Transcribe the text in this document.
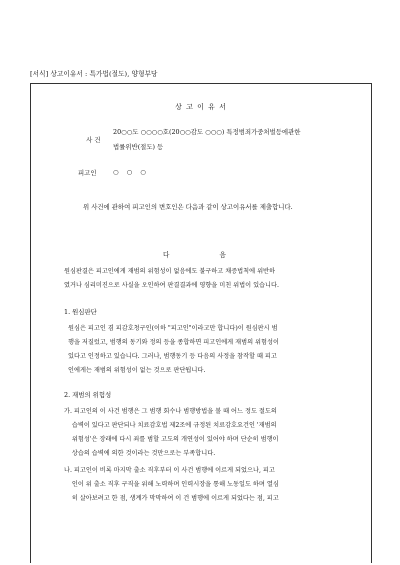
[서식] 상고이유서 : 특가법(절도), 양형부당
상 고 이 유 서

사 건

20○○도 ○○○○호(20○○감도 ○○○) 특정범죄가중처벌등에관한
법률위반(절도) 등
피고인	○ ○ ○
위 사건에 관하여 피고인의 변호인은 다음과 같이 상고이유서를 제출합니다.
다 음
원심판결은 피고인에게 재범의 위험성이 없음에도 불구하고 채증법칙에 위반하
였거나 심리미진으로 사실을 오인하여 판결결과에 영향을 미친 위법이 있습니다.
1. 원심판단
원심은 피고인 겸 피감호청구인(이하 "피고인"이라고만 합니다)이 원심판시 범
행을 저질렀고, 범행의 동기와 정의 등을 종합하면 피고인에게 재범의 위험성이
있다고 인정하고 있습니다. 그러나, 범행동기 등 다음의 사정을 참작할 때 피고
인에게는 재범의 위험성이 없는 것으로 판단됩니다.
2. 재범의 위험성
가. 피고인의 이 사건 범행은 그 범행 회수나 범행방법을 볼 때 어느 정도 절도의
습벽이 있다고 판단되나 치료감호법 제2조에 규정된 치료감호요건인 '재범의
위험성'은 장래에 다시 죄를 범할 고도의 개연성이 있어야 하며 단순히 범행이
상습의 습벽에 의한 것이라는 것만으로는 부족합니다.
나. 피고인이 비록 마지막 출소 직후부터 이 사건 범행에 이르게 되었으나, 피고
인이 위 출소 직후 구직을 위해 노력하며 인력시장을 통해 노동일도 하며 열심
히 살아보려고 한 점, 생계가 막막하여 이 건 범행에 이르게 되었다는 점, 피고
